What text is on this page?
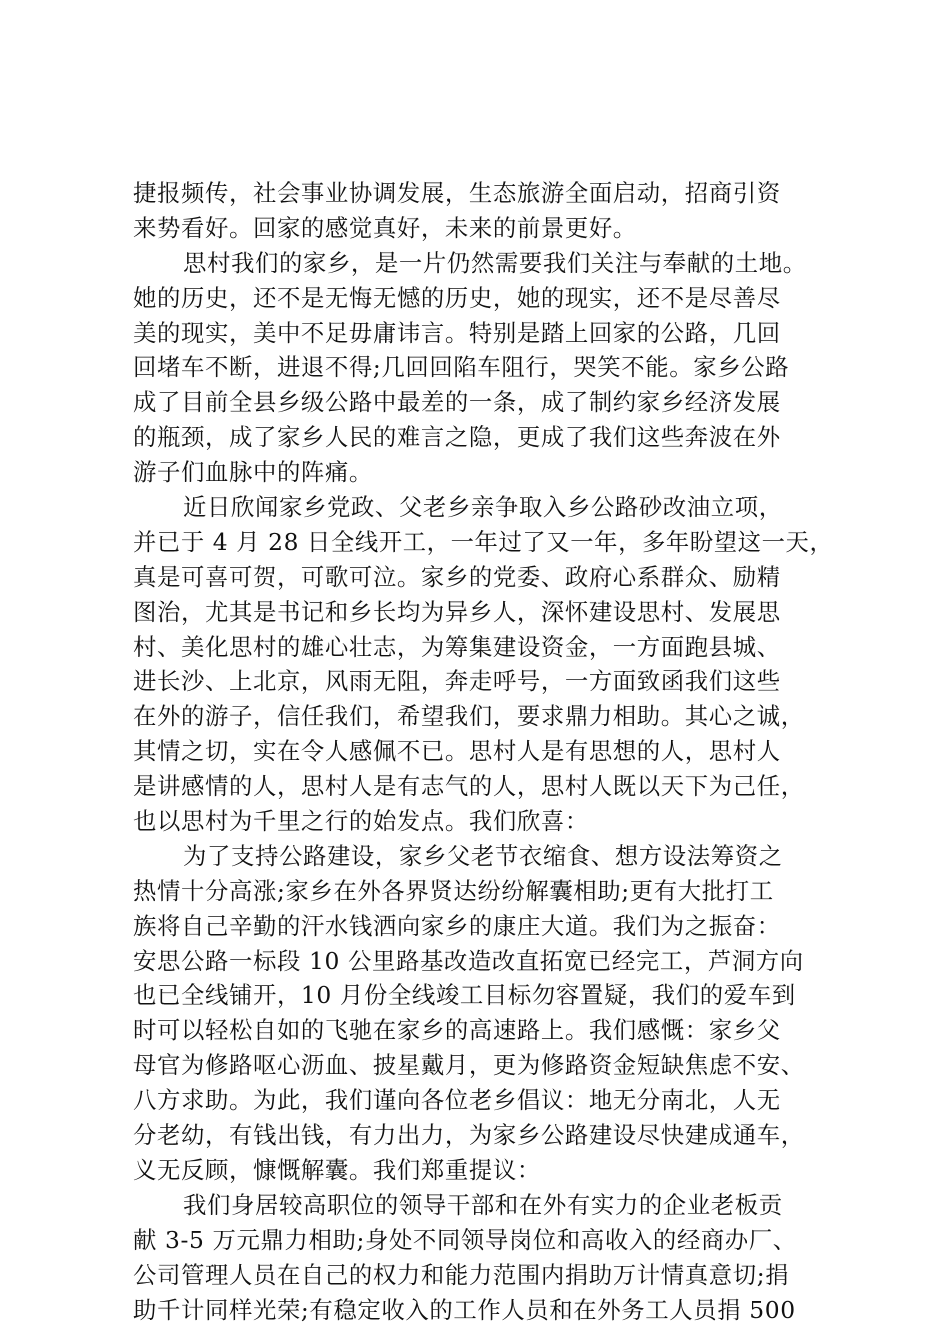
捷报频传，社会事业协调发展，生态旅游全面启动，招商引资
来势看好。回家的感觉真好，未来的前景更好。
思村我们的家乡，是一片仍然需要我们关注与奉献的土地。
她的历史，还不是无悔无憾的历史，她的现实，还不是尽善尽
美的现实，美中不足毋庸讳言。特别是踏上回家的公路，几回
回堵车不断，进退不得;几回回陷车阻行，哭笑不能。家乡公路
成了目前全县乡级公路中最差的一条，成了制约家乡经济发展
的瓶颈，成了家乡人民的难言之隐，更成了我们这些奔波在外
游子们血脉中的阵痛。
近日欣闻家乡党政、父老乡亲争取入乡公路砂改油立项，
并已于 4 月 28 日全线开工，一年过了又一年，多年盼望这一天，
真是可喜可贺，可歌可泣。家乡的党委、政府心系群众、励精
图治，尤其是书记和乡长均为异乡人，深怀建设思村、发展思
村、美化思村的雄心壮志，为筹集建设资金，一方面跑县城、
进长沙、上北京，风雨无阻，奔走呼号，一方面致函我们这些
在外的游子，信任我们，希望我们，要求鼎力相助。其心之诚，
其情之切，实在令人感佩不已。思村人是有思想的人，思村人
是讲感情的人，思村人是有志气的人，思村人既以天下为己任，
也以思村为千里之行的始发点。我们欣喜：
为了支持公路建设，家乡父老节衣缩食、想方设法筹资之
热情十分高涨;家乡在外各界贤达纷纷解囊相助;更有大批打工
族将自己辛勤的汗水钱洒向家乡的康庄大道。我们为之振奋：
安思公路一标段 10 公里路基改造改直拓宽已经完工，芦洞方向
也已全线铺开，10 月份全线竣工目标勿容置疑，我们的爱车到
时可以轻松自如的飞驰在家乡的高速路上。我们感慨：家乡父
母官为修路呕心沥血、披星戴月，更为修路资金短缺焦虑不安、
八方求助。为此，我们谨向各位老乡倡议：地无分南北，人无
分老幼，有钱出钱，有力出力，为家乡公路建设尽快建成通车，
义无反顾，慷慨解囊。我们郑重提议：
我们身居较高职位的领导干部和在外有实力的企业老板贡
献 3-5 万元鼎力相助;身处不同领导岗位和高收入的经商办厂、
公司管理人员在自己的权力和能力范围内捐助万计情真意切;捐
助千计同样光荣;有稳定收入的工作人员和在外务工人员捐 500
